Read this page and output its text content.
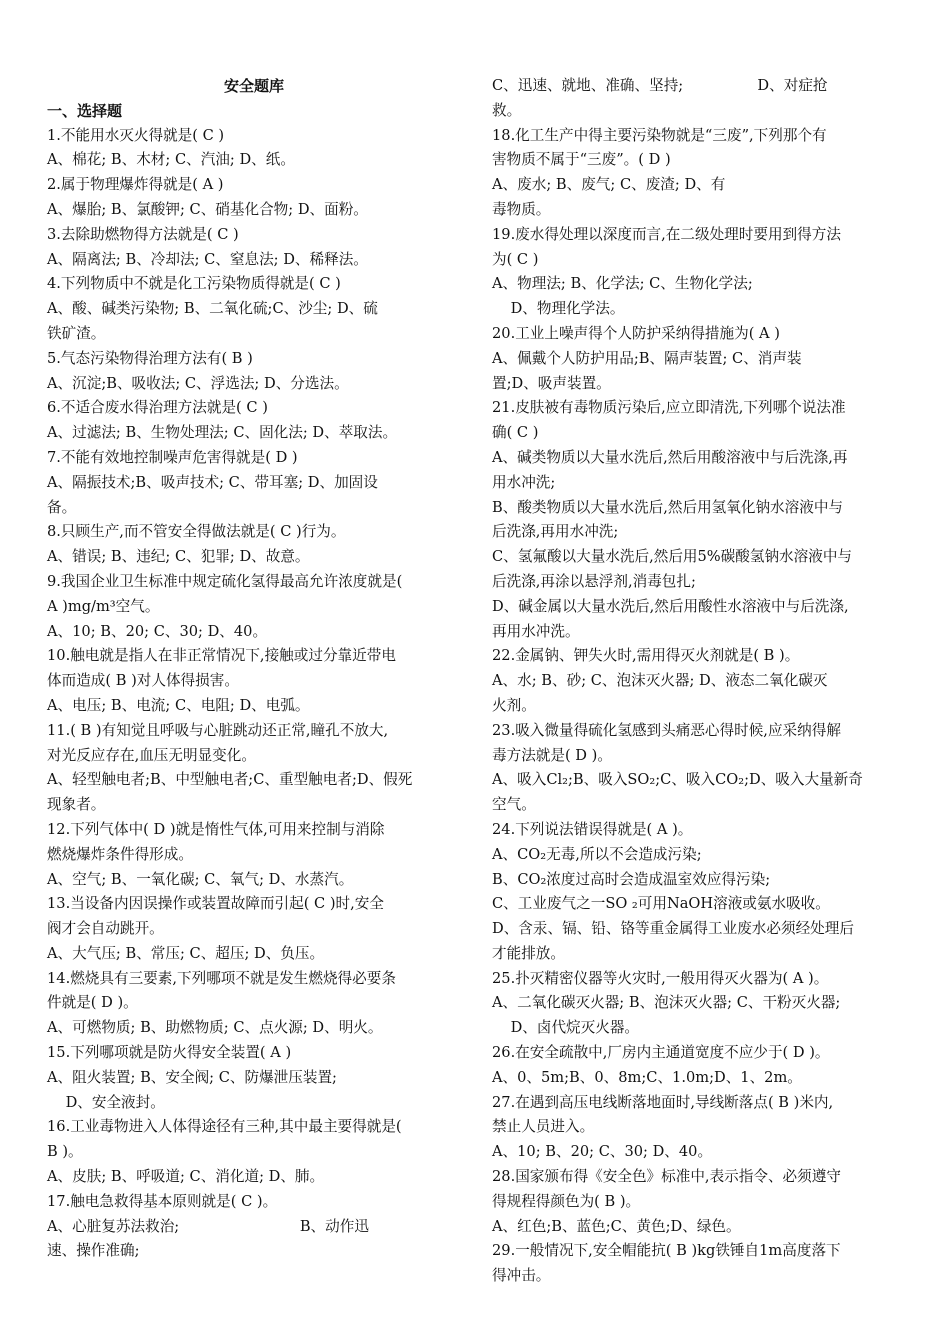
安全题库
一、选择题
1.不能用水灭火得就是( C )
A、棉花; B、木材; C、汽油; D、纸。
2.属于物理爆炸得就是( A )
A、爆胎; B、氯酸钾; C、硝基化合物; D、面粉。
3.去除助燃物得方法就是( C )
A、隔离法; B、冷却法; C、窒息法; D、稀释法。
4.下列物质中不就是化工污染物质得就是( C )
A、酸、碱类污染物; B、二氧化硫;C、沙尘; D、硫
铁矿渣。
5.气态污染物得治理方法有( B )
A、沉淀;B、吸收法; C、浮选法; D、分选法。
6.不适合废水得治理方法就是( C )
A、过滤法; B、生物处理法; C、固化法; D、萃取法。
7.不能有效地控制噪声危害得就是( D )
A、隔振技术;B、吸声技术; C、带耳塞; D、加固设
备。
8.只顾生产,而不管安全得做法就是( C )行为。
A、错误; B、违纪; C、犯罪; D、故意。
9.我国企业卫生标准中规定硫化氢得最高允许浓度就是(
A )mg/m³空气。
A、10; B、20; C、30; D、40。
10.触电就是指人在非正常情况下,接触或过分靠近带电
体而造成( B )对人体得损害。
A、电压; B、电流; C、电阻; D、电弧。
11.( B )有知觉且呼吸与心脏跳动还正常,瞳孔不放大,
对光反应存在,血压无明显变化。
A、轻型触电者;B、中型触电者;C、重型触电者;D、假死
现象者。
12.下列气体中( D )就是惰性气体,可用来控制与消除
燃烧爆炸条件得形成。
A、空气; B、一氧化碳; C、氧气; D、水蒸汽。
13.当设备内因误操作或装置故障而引起( C )时,安全
阀才会自动跳开。
A、大气压; B、常压; C、超压; D、负压。
14.燃烧具有三要素,下列哪项不就是发生燃烧得必要条
件就是( D )。
A、可燃物质; B、助燃物质; C、点火源; D、明火。
15.下列哪项就是防火得安全装置( A )
A、阻火装置; B、安全阀; C、防爆泄压装置;
D、安全液封。
16.工业毒物进入人体得途径有三种,其中最主要得就是(
B )。
A、皮肤; B、呼吸道; C、消化道; D、肺。
17.触电急救得基本原则就是( C )。
A、心脏复苏法救治;                          B、动作迅
速、操作准确;
C、迅速、就地、准确、坚持;                D、对症抢
救。
18.化工生产中得主要污染物就是“三废”,下列那个有
害物质不属于“三废”。( D )
A、废水; B、废气; C、废渣; D、有
毒物质。
19.废水得处理以深度而言,在二级处理时要用到得方法
为( C )
A、物理法; B、化学法; C、生物化学法;
D、物理化学法。
20.工业上噪声得个人防护采纳得措施为( A )
A、佩戴个人防护用品;B、隔声装置; C、消声装
置;D、吸声装置。
21.皮肤被有毒物质污染后,应立即清洗,下列哪个说法准
确( C )
A、碱类物质以大量水洗后,然后用酸溶液中与后洗涤,再
用水冲洗;
B、酸类物质以大量水洗后,然后用氢氧化钠水溶液中与
后洗涤,再用水冲洗;
C、氢氟酸以大量水洗后,然后用5%碳酸氢钠水溶液中与
后洗涤,再涂以悬浮剂,消毒包扎;
D、碱金属以大量水洗后,然后用酸性水溶液中与后洗涤,
再用水冲洗。
22.金属钠、钾失火时,需用得灭火剂就是( B )。
A、水; B、砂; C、泡沫灭火器; D、液态二氧化碳灭
火剂。
23.吸入微量得硫化氢感到头痛恶心得时候,应采纳得解
毒方法就是( D )。
A、吸入Cl₂;B、吸入SO₂;C、吸入CO₂;D、吸入大量新奇
空气。
24.下列说法错误得就是( A )。
A、CO₂无毒,所以不会造成污染;
B、CO₂浓度过高时会造成温室效应得污染;
C、工业废气之一SO ₂可用NaOH溶液或氨水吸收。
D、含汞、镉、铅、铬等重金属得工业废水必须经处理后
才能排放。
25.扑灭精密仪器等火灾时,一般用得灭火器为( A )。
A、二氧化碳灭火器; B、泡沫灭火器; C、干粉灭火器;
D、卤代烷灭火器。
26.在安全疏散中,厂房内主通道宽度不应少于( D )。
A、0、5m;B、0、8m;C、1.0m;D、1、2m。
27.在遇到高压电线断落地面时,导线断落点( B )米内,
禁止人员进入。
A、10; B、20; C、30; D、40。
28.国家颁布得《安全色》标准中,表示指令、必须遵守
得规程得颜色为( B )。
A、红色;B、蓝色;C、黄色;D、绿色。
29.一般情况下,安全帽能抗( B )kg铁锤自1m高度落下
得冲击。
